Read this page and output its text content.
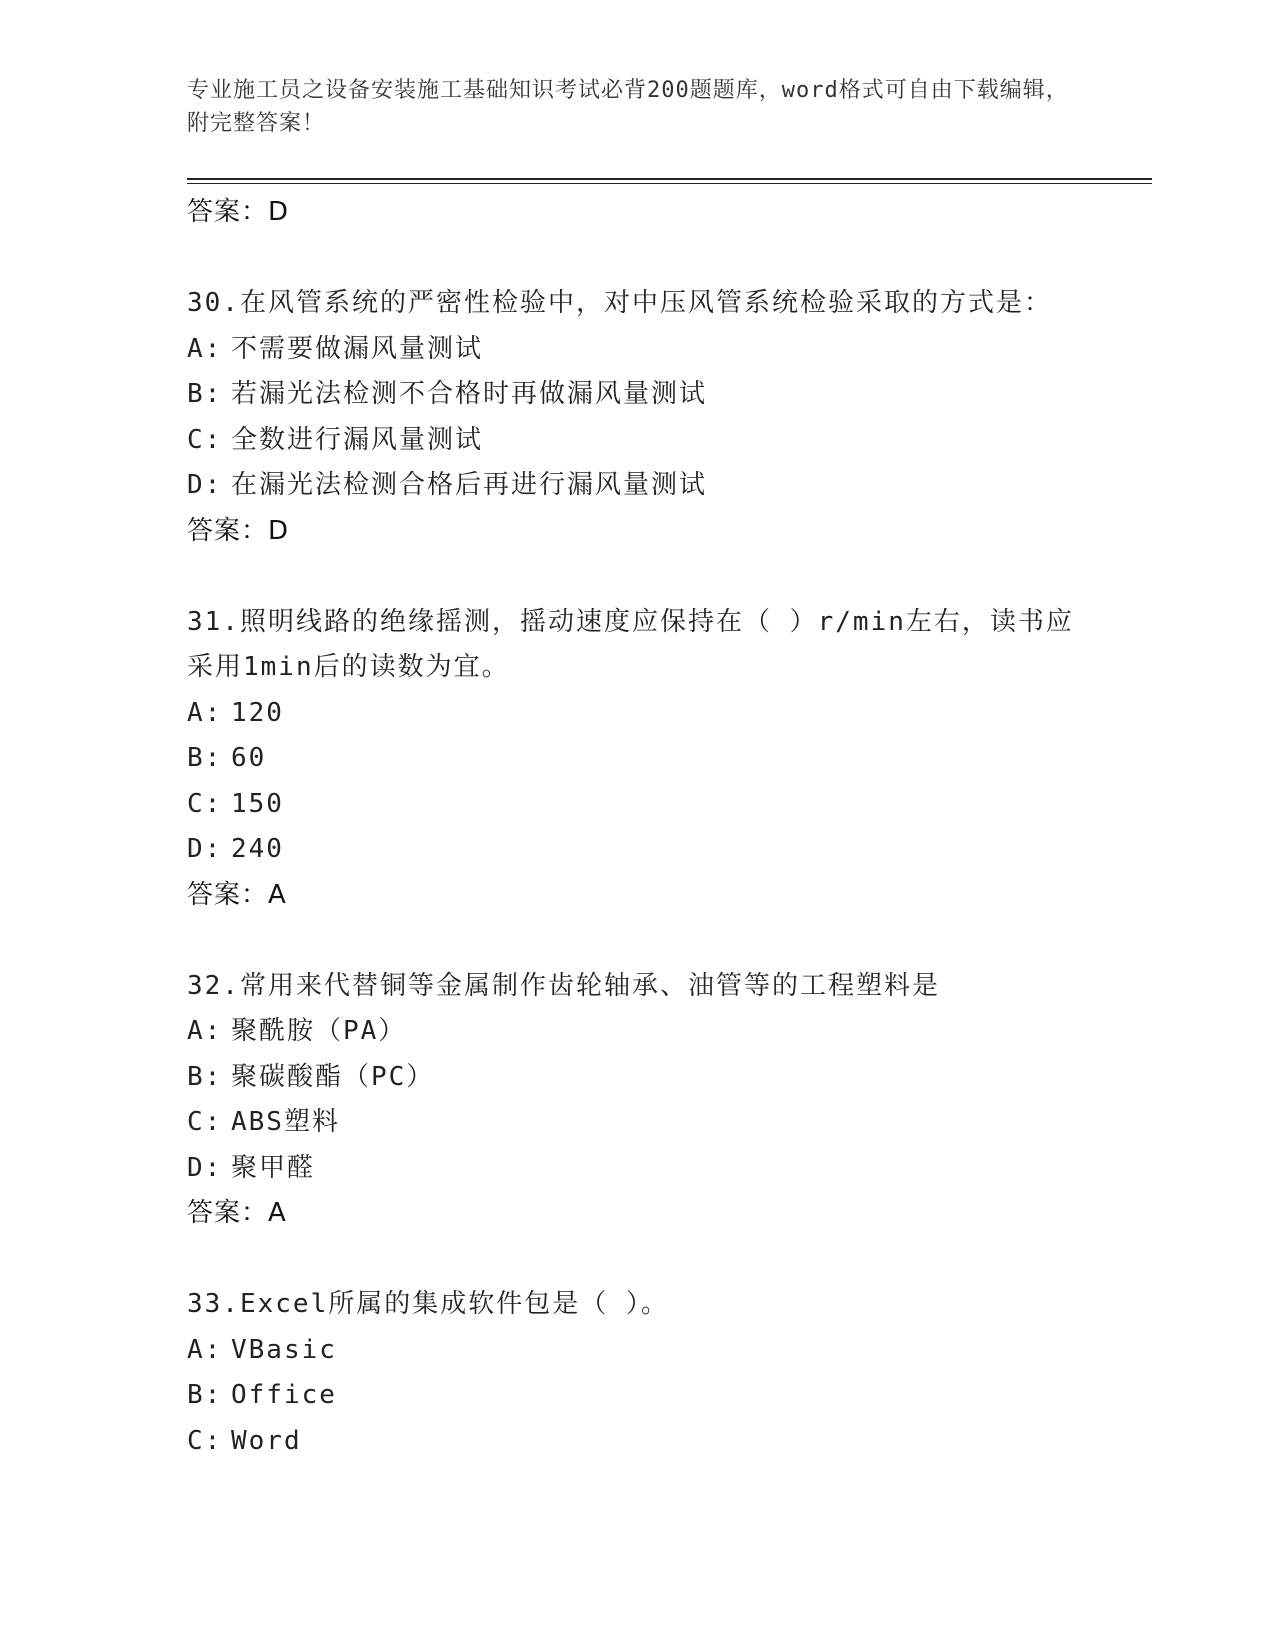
专业施工员之设备安装施工基础知识考试必背200题题库，word格式可自由下载编辑，附完整答案！
答案：D
30.在风管系统的严密性检验中，对中压风管系统检验采取的方式是：
A: 不需要做漏风量测试
B: 若漏光法检测不合格时再做漏风量测试
C: 全数进行漏风量测试
D: 在漏光法检测合格后再进行漏风量测试
答案：D
31.照明线路的绝缘摇测，摇动速度应保持在（ ）r/min左右，读书应采用1min后的读数为宜。
A: 120
B: 60
C: 150
D: 240
答案：A
32.常用来代替铜等金属制作齿轮轴承、油管等的工程塑料是
A: 聚酰胺（PA）
B: 聚碳酸酯（PC）
C: ABS塑料
D: 聚甲醛
答案：A
33.Excel所属的集成软件包是（ ）。
A: VBasic
B: Office
C: Word
